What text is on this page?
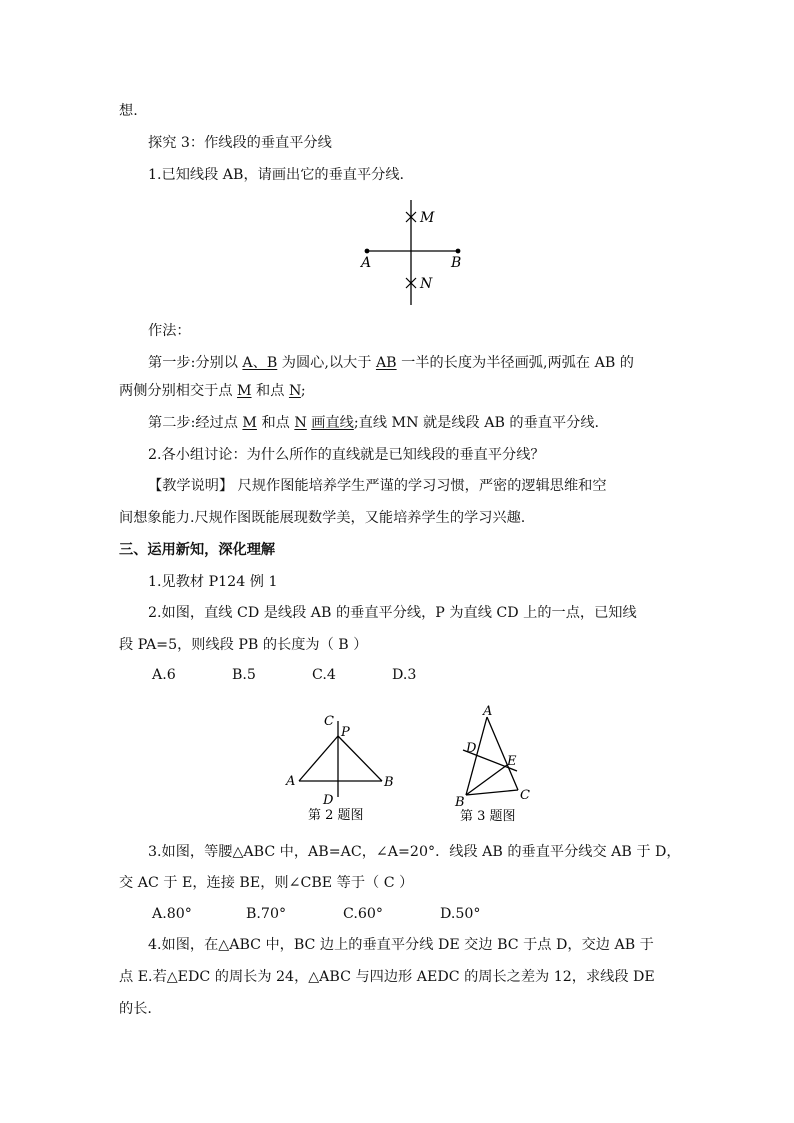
想.
探究 3：作线段的垂直平分线
1.已知线段 AB，请画出它的垂直平分线.
M
N
A	B
作法：
第一步:分别以 A、B 为圆心,以大于 AB 一半的长度为半径画弧,两弧在 AB 的
两侧分别相交于点 M 和点 N;
第二步:经过点 M 和点 N 画直线;直线 MN 就是线段 AB 的垂直平分线.
2.各小组讨论：为什么所作的直线就是已知线段的垂直平分线？
【教学说明】 尺规作图能培养学生严谨的学习习惯，严密的逻辑思维和空
间想象能力.尺规作图既能展现数学美，又能培养学生的学习兴趣.
三、运用新知，深化理解
1.见教材 P124 例 1
2.如图，直线 CD 是线段 AB 的垂直平分线，P 为直线 CD 上的一点，已知线
段 PA=5，则线段 PB 的长度为（ B ）
A.6	B.5	C.4	D.3
C
P
A	B
D
第 2 题图
A
D
E
B	C
第 3 题图
3.如图，等腰△ABC 中，AB=AC，∠A=20°．线段 AB 的垂直平分线交 AB 于 D，
交 AC 于 E，连接 BE，则∠CBE 等于（ C ）
A.80°	B.70°	C.60°	D.50°
4.如图，在△ABC 中，BC 边上的垂直平分线 DE 交边 BC 于点 D，交边 AB 于
点 E.若△EDC 的周长为 24，△ABC 与四边形 AEDC 的周长之差为 12，求线段 DE
的长.
